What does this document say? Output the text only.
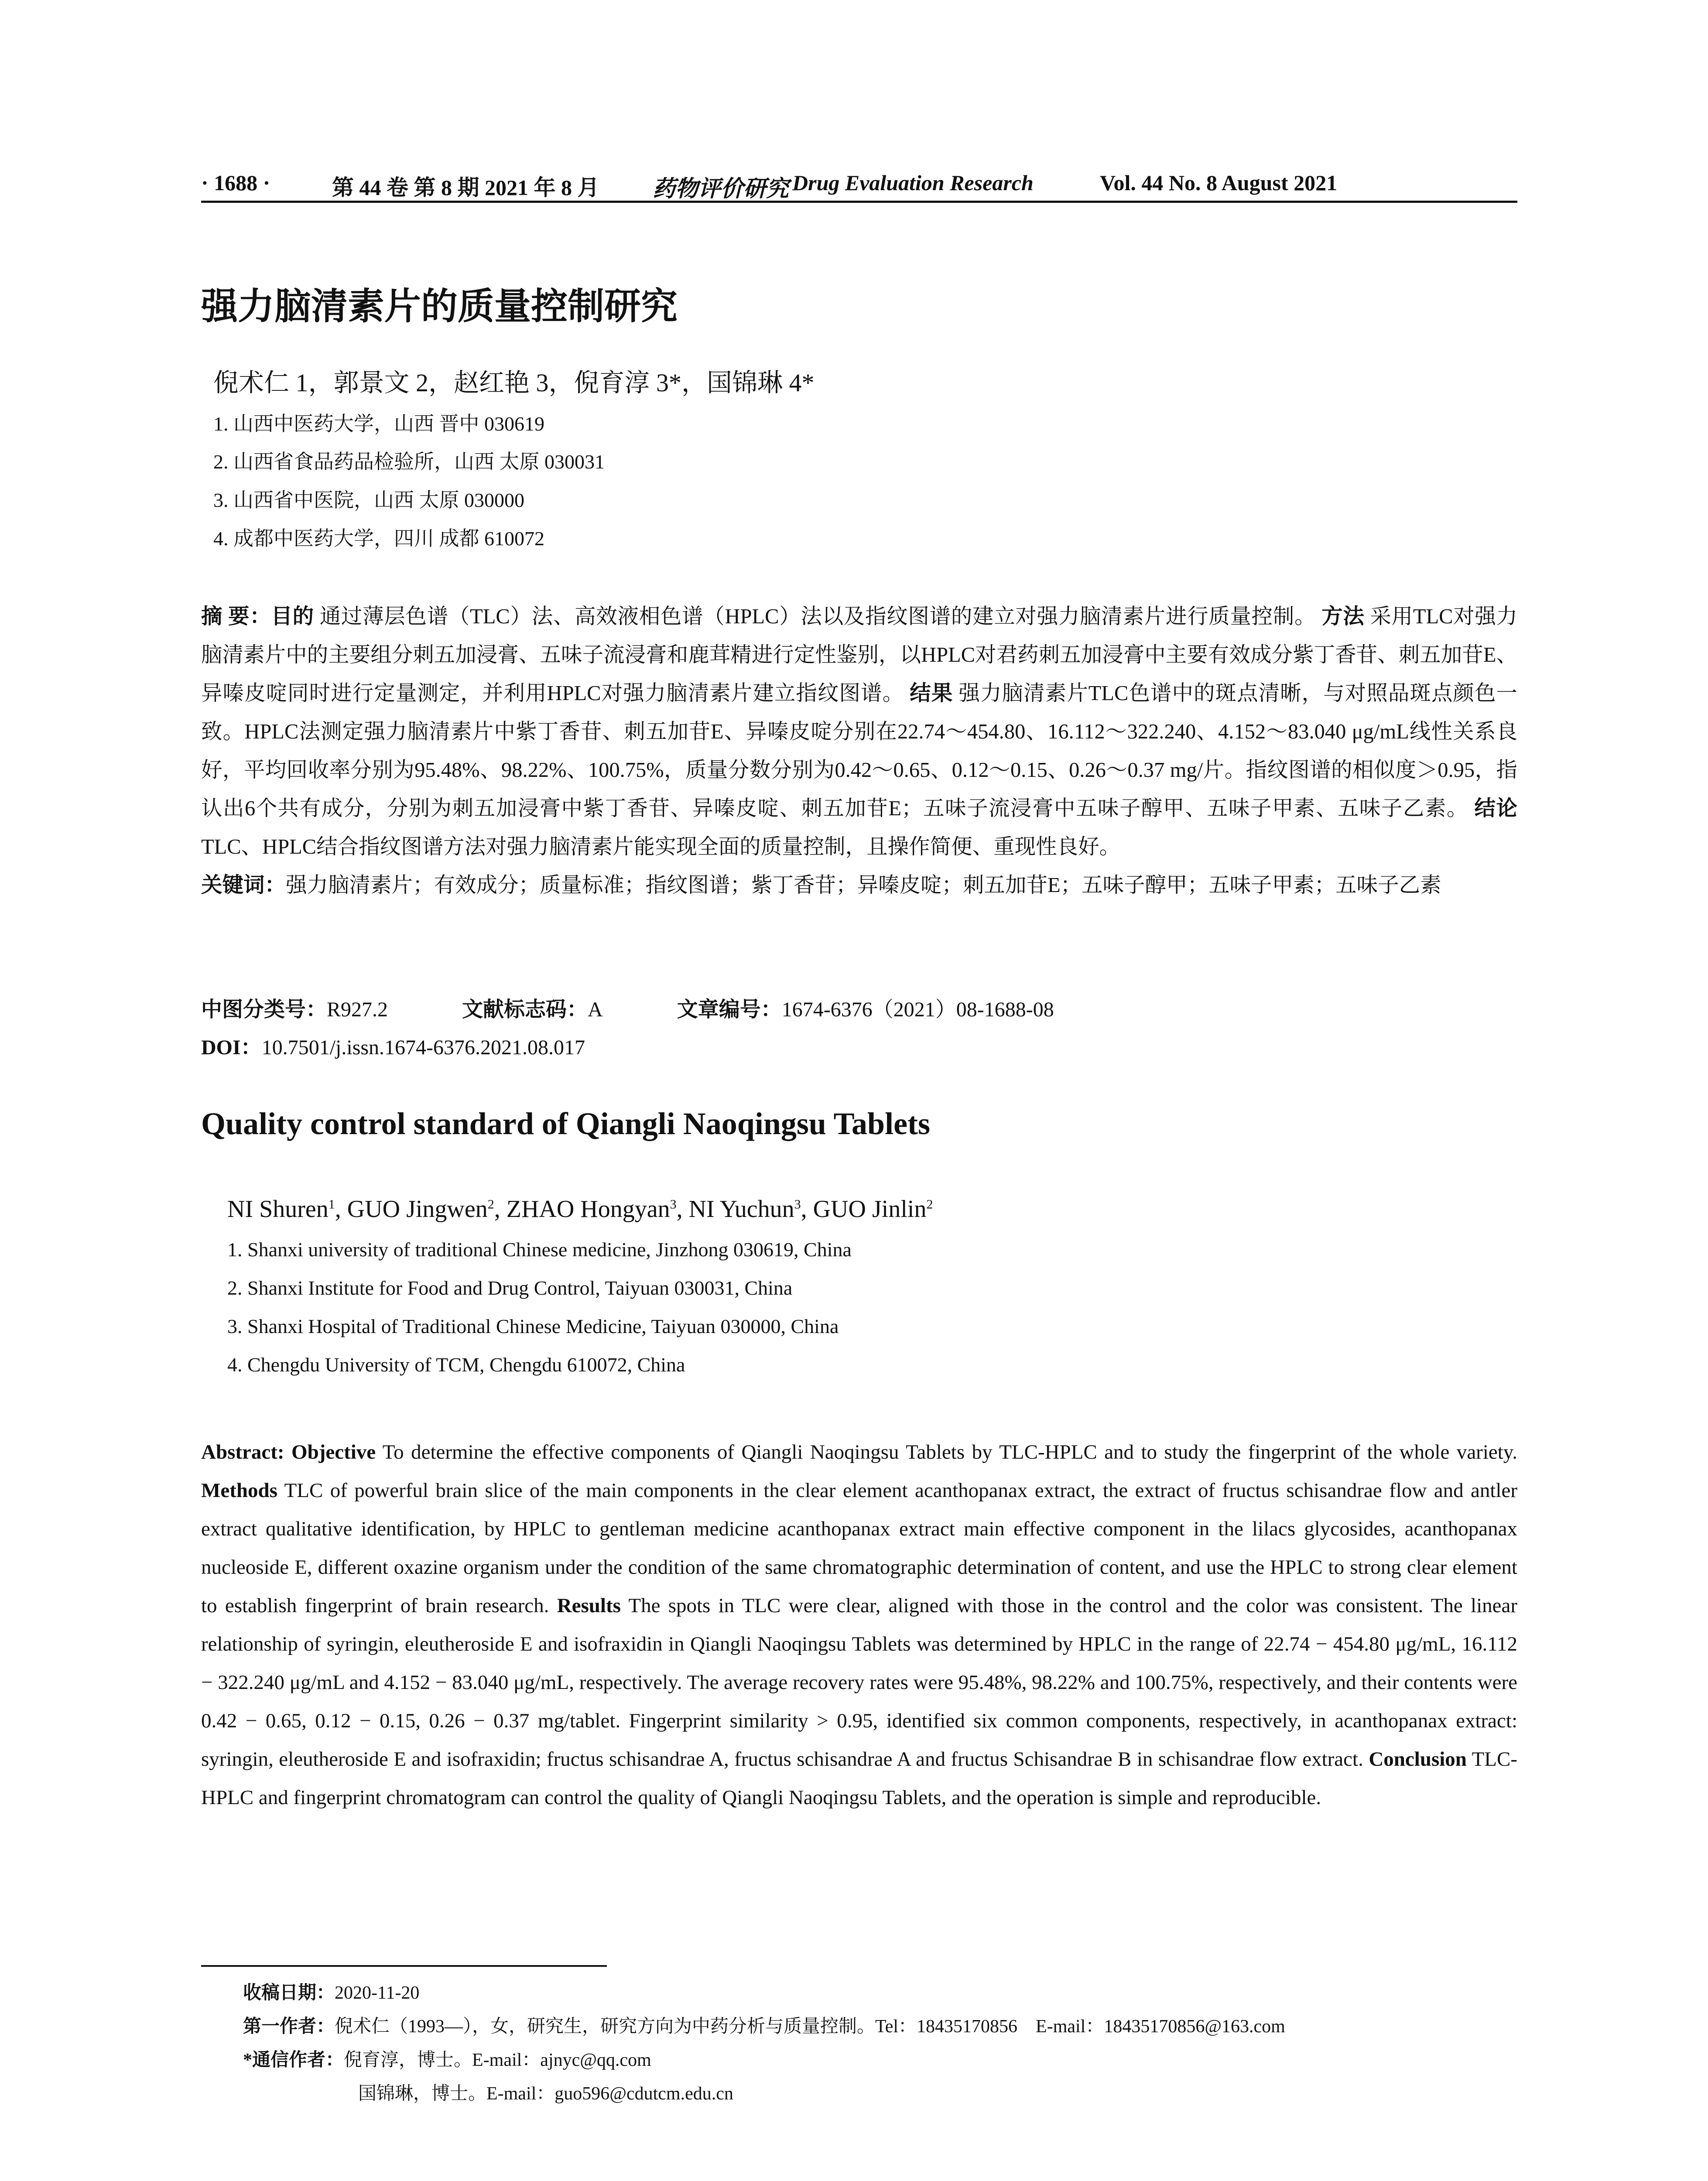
· 1688 ·	第 44 卷 第 8 期 2021 年 8 月 药物评价研究 Drug Evaluation Research	Vol. 44 No. 8 August 2021
强力脑清素片的质量控制研究
倪术仁 1，郭景文 2，赵红艳 3，倪育淳 3*，国锦琳 4*
1. 山西中医药大学，山西 晋中 030619
2. 山西省食品药品检验所，山西 太原 030031
3. 山西省中医院，山西 太原 030000
4. 成都中医药大学，四川 成都 610072
摘 要：目的 通过薄层色谱（TLC）法、高效液相色谱（HPLC）法以及指纹图谱的建立对强力脑清素片进行质量控制。 方法 采用TLC对强力脑清素片中的主要组分刺五加浸膏、五味子流浸膏和鹿茸精进行定性鉴别，以HPLC对君药刺五加浸膏中主要有效成分紫丁香苷、刺五加苷E、异嗪皮啶同时进行定量测定，并利用HPLC对强力脑清素片建立指纹图谱。 结果 强力脑清素片TLC色谱中的斑点清晰，与对照品斑点颜色一致。HPLC法测定强力脑清素片中紫丁香苷、刺五加苷E、异嗪皮啶分别在22.74～454.80、16.112～322.240、4.152～83.040 μg/mL线性关系良好，平均回收率分别为95.48%、98.22%、100.75%，质量分数分别为0.42～0.65、0.12～0.15、0.26～0.37 mg/片。指纹图谱的相似度＞0.95，指认出6个共有成分，分别为刺五加浸膏中紫丁香苷、异嗪皮啶、刺五加苷E；五味子流浸膏中五味子醇甲、五味子甲素、五味子乙素。 结论 TLC、HPLC结合指纹图谱方法对强力脑清素片能实现全面的质量控制，且操作简便、重现性良好。
关键词：强力脑清素片；有效成分；质量标准；指纹图谱；紫丁香苷；异嗪皮啶；刺五加苷E；五味子醇甲；五味子甲素；五味子乙素
中图分类号：R927.2	文献标志码：A	文章编号：1674-6376（2021）08-1688-08
DOI：10.7501/j.issn.1674-6376.2021.08.017
Quality control standard of Qiangli Naoqingsu Tablets
NI Shuren$^1$, GUO Jingwen$^2$, ZHAO Hongyan$^3$, NI Yuchun$^3$, GUO Jinlin$^2$
1. Shanxi university of traditional Chinese medicine, Jinzhong 030619, China
2. Shanxi Institute for Food and Drug Control, Taiyuan 030031, China
3. Shanxi Hospital of Traditional Chinese Medicine, Taiyuan 030000, China
4. Chengdu University of TCM, Chengdu 610072, China
Abstract: Objective To determine the effective components of Qiangli Naoqingsu Tablets by TLC-HPLC and to study the fingerprint of the whole variety. Methods TLC of powerful brain slice of the main components in the clear element acanthopanax extract, the extract of fructus schisandrae flow and antler extract qualitative identification, by HPLC to gentleman medicine acanthopanax extract main effective component in the lilacs glycosides, acanthopanax nucleoside E, different oxazine organism under the condition of the same chromatographic determination of content, and use the HPLC to strong clear element to establish fingerprint of brain research. Results The spots in TLC were clear, aligned with those in the control and the color was consistent. The linear relationship of syringin, eleutheroside E and isofraxidin in Qiangli Naoqingsu Tablets was determined by HPLC in the range of 22.74 − 454.80 μg/mL, 16.112 − 322.240 μg/mL and 4.152 − 83.040 μg/mL, respectively. The average recovery rates were 95.48%, 98.22% and 100.75%, respectively, and their contents were 0.42 − 0.65, 0.12 − 0.15, 0.26 − 0.37 mg/tablet. Fingerprint similarity > 0.95, identified six common components, respectively, in acanthopanax extract: syringin, eleutheroside E and isofraxidin; fructus schisandrae A, fructus schisandrae A and fructus Schisandrae B in schisandrae flow extract. Conclusion TLC-HPLC and fingerprint chromatogram can control the quality of Qiangli Naoqingsu Tablets, and the operation is simple and reproducible.
收稿日期：2020-11-20
第一作者：倪术仁（1993—），女，研究生，研究方向为中药分析与质量控制。Tel：18435170856　E-mail：18435170856@163.com
*通信作者：倪育淳，博士。E-mail：ajnyc@qq.com
国锦琳，博士。E-mail：guo596@cdutcm.edu.cn
